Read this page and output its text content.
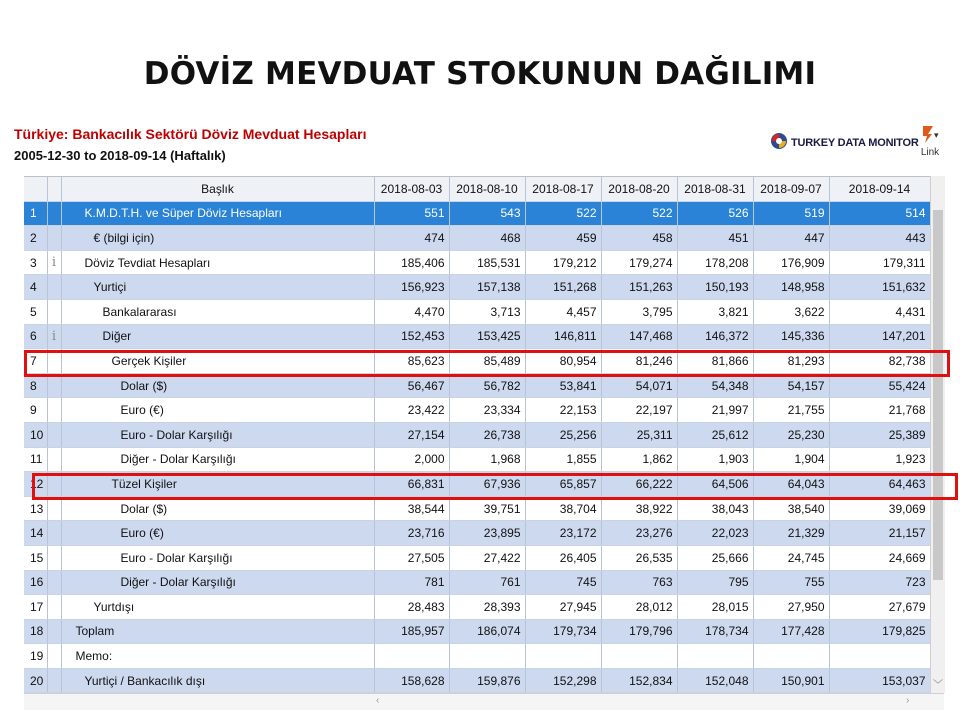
DÖVİZ MEVDUAT STOKUNUN DAĞILIMI
Türkiye: Bankacılık Sektörü Döviz Mevduat Hesapları
2005-12-30 to 2018-09-14 (Haftalık)
TURKEY DATA MONITOR
▾
Link
		Başlık	2018-08-03	2018-08-10	2018-08-17	2018-08-20	2018-08-31	2018-09-07	2018-09-14
1		K.M.D.T.H. ve Süper Döviz Hesapları	551	543	522	522	526	519	514
2		€ (bilgi için)	474	468	459	458	451	447	443
3	i	Döviz Tevdiat Hesapları	185,406	185,531	179,212	179,274	178,208	176,909	179,311
4		Yurtiçi	156,923	157,138	151,268	151,263	150,193	148,958	151,632
5		Bankalararası	4,470	3,713	4,457	3,795	3,821	3,622	4,431
6	i	Diğer	152,453	153,425	146,811	147,468	146,372	145,336	147,201
7		Gerçek Kişiler	85,623	85,489	80,954	81,246	81,866	81,293	82,738
8		Dolar ($)	56,467	56,782	53,841	54,071	54,348	54,157	55,424
9		Euro (€)	23,422	23,334	22,153	22,197	21,997	21,755	21,768
10		Euro - Dolar Karşılığı	27,154	26,738	25,256	25,311	25,612	25,230	25,389
11		Diğer - Dolar Karşılığı	2,000	1,968	1,855	1,862	1,903	1,904	1,923
12		Tüzel Kişiler	66,831	67,936	65,857	66,222	64,506	64,043	64,463
13		Dolar ($)	38,544	39,751	38,704	38,922	38,043	38,540	39,069
14		Euro (€)	23,716	23,895	23,172	23,276	22,023	21,329	21,157
15		Euro - Dolar Karşılığı	27,505	27,422	26,405	26,535	25,666	24,745	24,669
16		Diğer - Dolar Karşılığı	781	761	745	763	795	755	723
17		Yurtdışı	28,483	28,393	27,945	28,012	28,015	27,950	27,679
18		Toplam	185,957	186,074	179,734	179,796	178,734	177,428	179,825
19		Memo:							
20		Yurtiçi / Bankacılık dışı	158,628	159,876	152,298	152,834	152,048	150,901	153,037 ﹀
‹	›
